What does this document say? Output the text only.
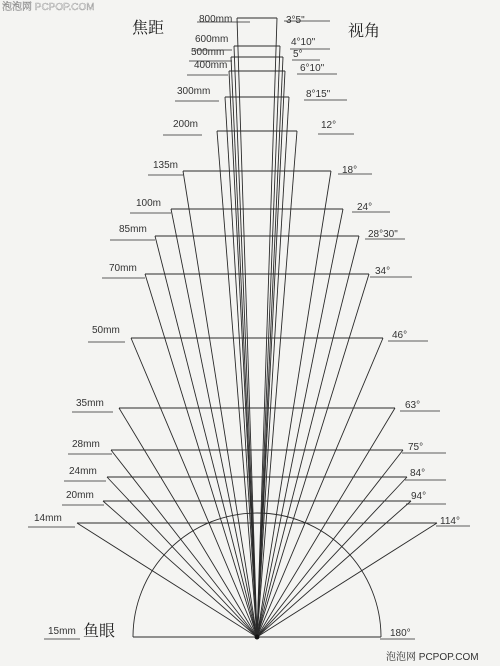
800mm	3°5"
600mm	4°10"
500mm	5°
400mm	6°10"
300mm	8°15"
200m	12°
135m	18°
100m	24°
85mm	28°30"
70mm	34°
50mm	46°
35mm	63°
28mm	75°
24mm	84°
20mm	94°
14mm	114°
焦距	视角
15mm 鱼眼	180°
泡泡网 PCPOP.COM
泡泡网 PCPOP.COM
